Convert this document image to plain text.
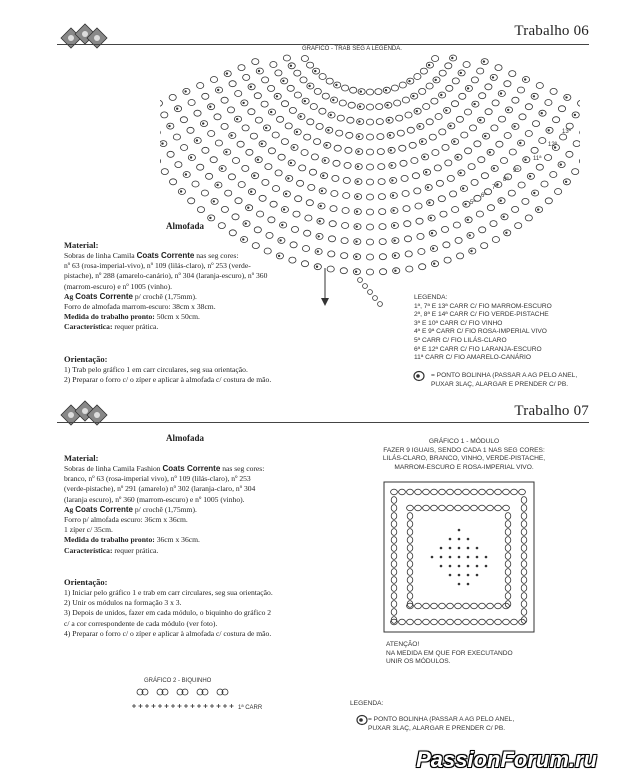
Trabalho 06
GRÁFICO - TRAB SEG A LEGENDA.
13ª
12ª
11ª
9ª
8ª
7ª
6ª
5ª
Almofada
Material:
Sobras de linha Camila Coats Corrente nas seg cores:
nº 63 (rosa-imperial-vivo), nº 109 (lilás-claro), nº 253 (verde-
pistache), nº 288 (amarelo-canário), nº 304 (laranja-escuro), nº 360
(marrom-escuro) e nº 1005 (vinho).
Ag Coats Corrente p/ crochê (1,75mm).
Forro de almofada marrom-escuro: 38cm x 38cm.
Medida do trabalho pronto: 50cm x 50cm.
Característica: requer prática.
Orientação:
1) Trab pelo gráfico 1 em carr circulares, seg sua orientação.
2) Preparar o forro c/ o zíper e aplicar à almofada c/ costura de mão.
LEGENDA:
1ª, 7ª E 13ª CARR C/ FIO MARROM-ESCURO
2ª, 8ª E 14ª CARR C/ FIO VERDE-PISTACHE
3ª E 10ª CARR C/ FIO VINHO
4ª E 9ª CARR C/ FIO ROSA-IMPERIAL VIVO
5ª CARR C/ FIO LILÁS-CLARO
6ª E 12ª CARR C/ FIO LARANJA-ESCURO
11ª CARR C/ FIO AMARELO-CANÁRIO
= PONTO BOLINHA (PASSAR A AG PELO ANEL,
PUXAR 3LAÇ, ALARGAR E PRENDER C/ PB.
Trabalho 07
Almofada
Material:
Sobras de linha Camila Fashion Coats Corrente nas seg cores:
branco, nº 63 (rosa-imperial vivo), nº 109 (lilás-claro), nº 253
(verde-pistache), nº 291 (amarelo) nº 302 (laranja-claro, nº 304
(laranja escuro), nº 360 (marrom-escuro) e nº 1005 (vinho).
Ag Coats Corrente p/ crochê (1,75mm).
Forro p/ almofada escuro: 36cm x 36cm.
1 zíper c/ 35cm.
Medida do trabalho pronto: 36cm x 36cm.
Característica: requer prática.
Orientação:
1) Iniciar pelo gráfico 1 e trab em carr circulares, seg sua orientação.
2) Unir os módulos na formação 3 x 3.
3) Depois de unidos, fazer em cada módulo, o biquinho do gráfico 2
c/ a cor correspondente de cada módulo (ver foto).
4) Preparar o forro c/ o zíper e aplicar à almofada c/ costura de mão.
GRÁFICO 1 - MÓDULO
FAZER 9 IGUAIS, SENDO CADA 1 NAS SEG CORES:
LILÁS-CLARO, BRANCO, VINHO, VERDE-PISTACHE,
MARROM-ESCURO E ROSA-IMPERIAL VIVO.
ATENÇÃO!
NA MEDIDA EM QUE FOR EXECUTANDO
UNIR OS MÓDULOS.
GRÁFICO 2 - BIQUINHO
1ª CARR
LEGENDA:
= PONTO BOLINHA (PASSAR A AG PELO ANEL,
PUXAR 3LAÇ, ALARGAR E PRENDER C/ PB.
PassionForum.ru
